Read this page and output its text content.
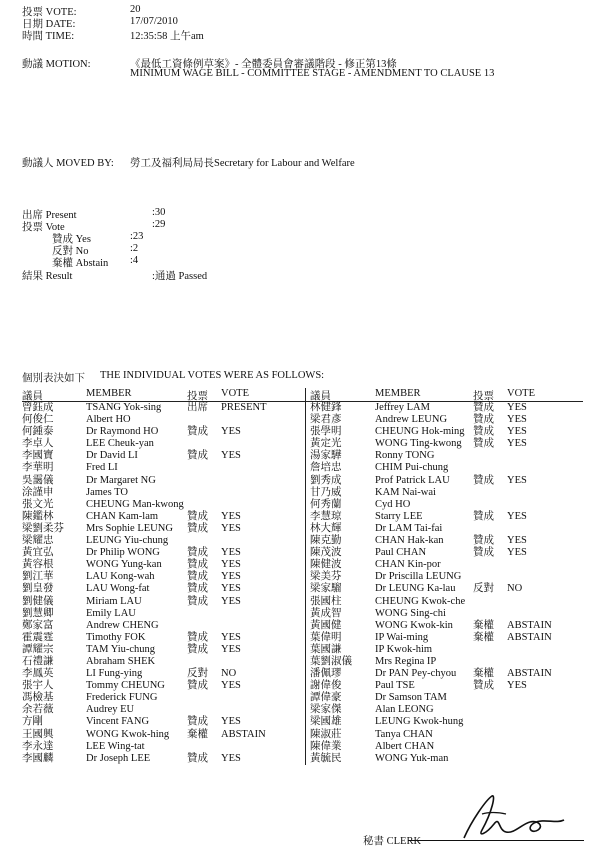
投票 VOTE:	20
日期 DATE:	17/07/2010
時間 TIME:	12:35:58 上午am
動議 MOTION:	《最低工資條例草案》- 全體委員會審議階段 - 修正第13條
MINIMUM WAGE BILL - COMMITTEE STAGE - AMENDMENT TO CLAUSE 13
動議人 MOVED BY: 勞工及福利局局長Secretary for Labour and Welfare
出席 Present	:30
投票 Vote	:29
贊成 Yes	:23
反對 No	:2
棄權 Abstain :4
結果 Result	:通過 Passed
個別表決如下 THE INDIVIDUAL VOTES WERE AS FOLLOWS:
議員	MEMBER	投票 VOTE
曾鈺成	TSANG Yok-sing 出席 PRESENT
何俊仁	Albert HO
何鍾泰	Dr Raymond HO	贊成 YES
李卓人	LEE Cheuk-yan
李國寶	Dr David LI	贊成 YES
李華明	Fred LI
吳靄儀	Dr Margaret NG
涂謹申	James TO
張文光	CHEUNG Man-kwong
陳鑑林	CHAN Kam-lam	贊成 YES
梁劉柔芬 Mrs Sophie LEUNG 贊成 YES
梁耀忠	LEUNG Yiu-chung
黃宜弘	Dr Philip WONG	贊成 YES
黃容根	WONG Yung-kan 贊成 YES
劉江華	LAU Kong-wah	贊成 YES
劉皇發	LAU Wong-fat	贊成 YES
劉健儀	Miriam LAU	贊成 YES
劉慧卿	Emily LAU
鄭家富	Andrew CHENG
霍震霆	Timothy FOK	贊成 YES
譚耀宗	TAM Yiu-chung	贊成 YES
石禮謙	Abraham SHEK
李鳳英	LI Fung-ying	反對 NO
張宇人	Tommy CHEUNG 贊成 YES
馮檢基	Frederick FUNG
余若薇	Audrey EU
方剛	Vincent FANG	贊成 YES
王國興	WONG Kwok-hing 棄權 ABSTAIN
李永達	LEE Wing-tat
李國麟	Dr Joseph LEE	贊成 YES
議員	MEMBER	投票 VOTE
林健鋒	Jeffrey LAM	贊成 YES
梁君彥	Andrew LEUNG 贊成 YES
張學明	CHEUNG Hok-ming 贊成 YES
黃定光	WONG Ting-kwong 贊成 YES
湯家驊	Ronny TONG
詹培忠	CHIM Pui-chung
劉秀成	Prof Patrick LAU 贊成 YES
甘乃威	KAM Nai-wai
何秀蘭	Cyd HO
李慧琼	Starry LEE	贊成 YES
林大輝	Dr LAM Tai-fai
陳克勤	CHAN Hak-kan	贊成 YES
陳茂波	Paul CHAN	贊成 YES
陳健波	CHAN Kin-por
梁美芬	Dr Priscilla LEUNG
梁家騮	Dr LEUNG Ka-lau 反對 NO
張國柱	CHEUNG Kwok-che
黃成智	WONG Sing-chi
黃國健	WONG Kwok-kin 棄權 ABSTAIN
葉偉明	IP Wai-ming	棄權 ABSTAIN
葉國謙	IP Kwok-him
葉劉淑儀 Mrs Regina IP
潘佩璆	Dr PAN Pey-chyou 棄權 ABSTAIN
謝偉俊	Paul TSE	贊成 YES
譚偉豪	Dr Samson TAM
梁家傑	Alan LEONG
梁國雄	LEUNG Kwok-hung
陳淑莊	Tanya CHAN
陳偉業	Albert CHAN
黃毓民	WONG Yuk-man
秘書 CLERK
